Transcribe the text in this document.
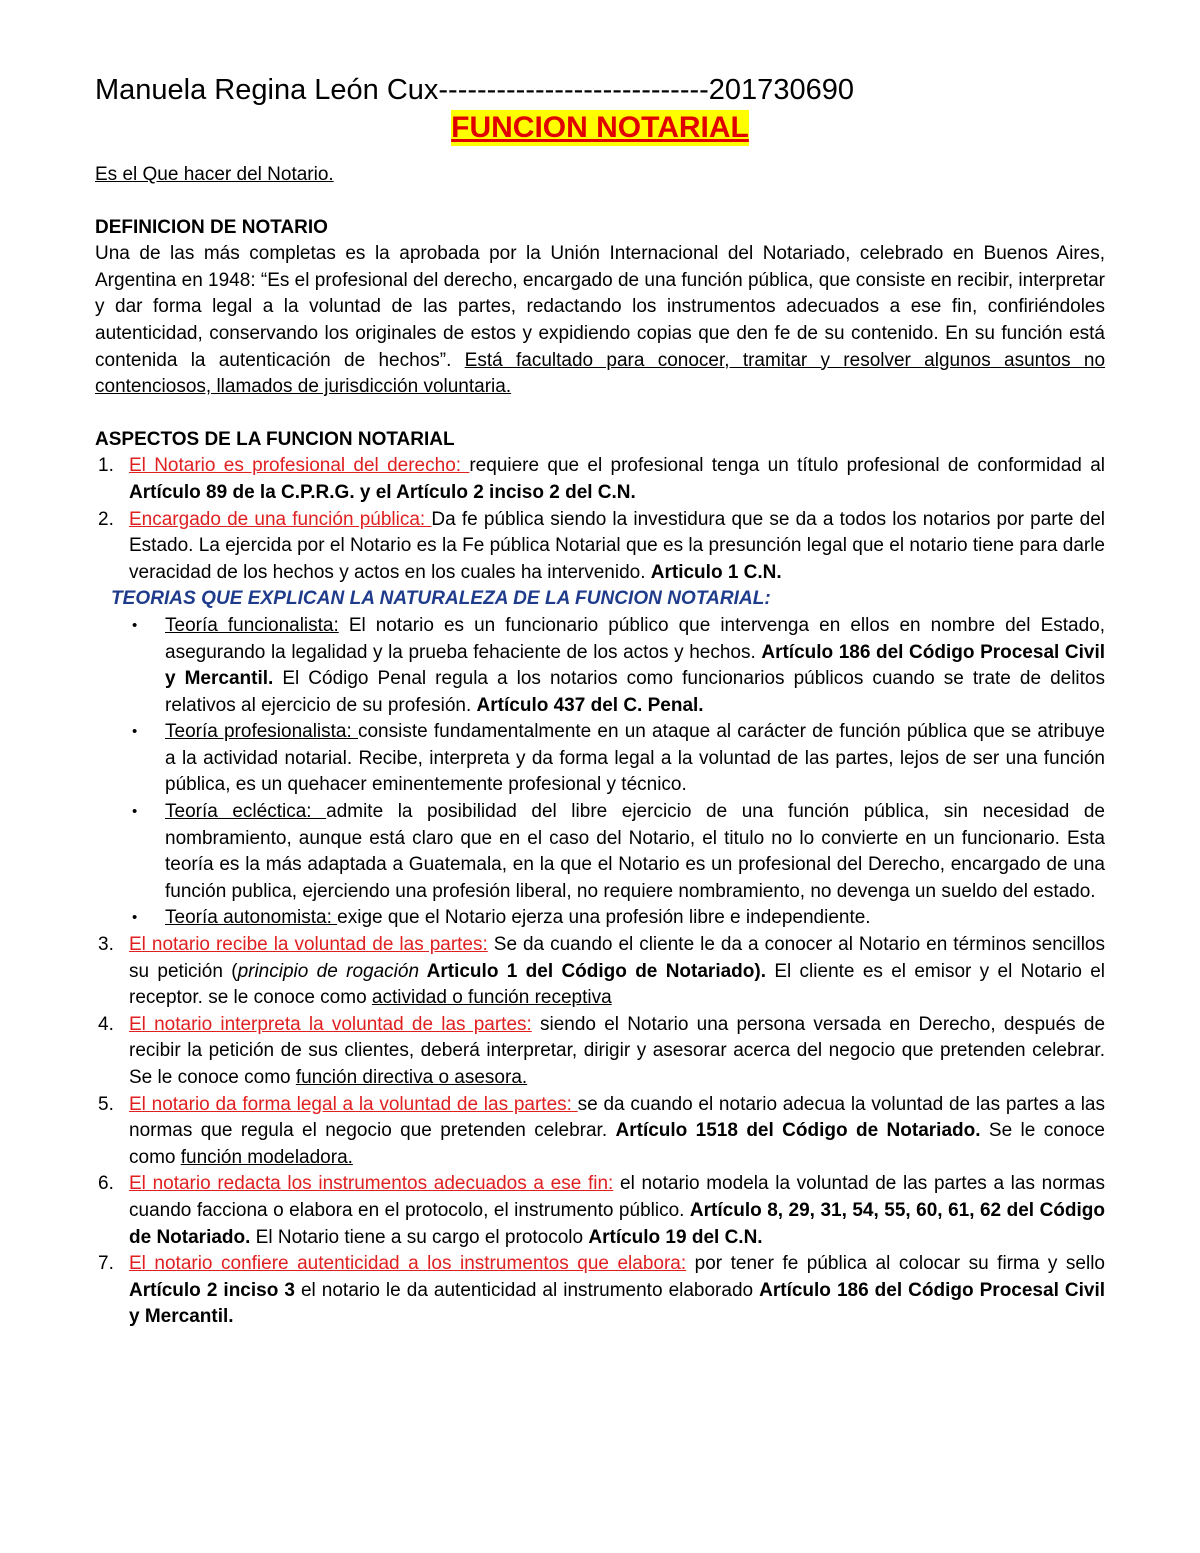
Manuela Regina León Cux----------------------------201730690

FUNCION NOTARIAL

Es el Que hacer del Notario.

DEFINICION DE NOTARIO

Una de las más completas es la aprobada por la Unión Internacional del Notariado, celebrado en Buenos Aires, Argentina en 1948: “Es el profesional del derecho, encargado de una función pública, que consiste en recibir, interpretar y dar forma legal a la voluntad de las partes, redactando los instrumentos adecuados a ese fin, confiriéndoles autenticidad, conservando los originales de estos y expidiendo copias que den fe de su contenido. En su función está contenida la autenticación de hechos”. Está facultado para conocer, tramitar y resolver algunos asuntos no contenciosos, llamados de jurisdicción voluntaria.

ASPECTOS DE LA FUNCION NOTARIAL

1. El Notario es profesional del derecho: requiere que el profesional tenga un título profesional de conformidad al Artículo 89 de la C.P.R.G. y el Artículo 2 inciso 2 del C.N.
2. Encargado de una función pública: Da fe pública siendo la investidura que se da a todos los notarios por parte del Estado. La ejercida por el Notario es la Fe pública Notarial que es la presunción legal que el notario tiene para darle veracidad de los hechos y actos en los cuales ha intervenido. Articulo 1 C.N.

TEORIAS QUE EXPLICAN LA NATURALEZA DE LA FUNCION NOTARIAL:

• Teoría funcionalista: El notario es un funcionario público que intervenga en ellos en nombre del Estado, asegurando la legalidad y la prueba fehaciente de los actos y hechos. Artículo 186 del Código Procesal Civil y Mercantil. El Código Penal regula a los notarios como funcionarios públicos cuando se trate de delitos relativos al ejercicio de su profesión. Artículo 437 del C. Penal.
• Teoría profesionalista: consiste fundamentalmente en un ataque al carácter de función pública que se atribuye a la actividad notarial. Recibe, interpreta y da forma legal a la voluntad de las partes, lejos de ser una función pública, es un quehacer eminentemente profesional y técnico.
• Teoría ecléctica: admite la posibilidad del libre ejercicio de una función pública, sin necesidad de nombramiento, aunque está claro que en el caso del Notario, el titulo no lo convierte en un funcionario. Esta teoría es la más adaptada a Guatemala, en la que el Notario es un profesional del Derecho, encargado de una función publica, ejerciendo una profesión liberal, no requiere nombramiento, no devenga un sueldo del estado.
• Teoría autonomista: exige que el Notario ejerza una profesión libre e independiente.
3. El notario recibe la voluntad de las partes: Se da cuando el cliente le da a conocer al Notario en términos sencillos su petición (principio de rogación Articulo 1 del Código de Notariado). El cliente es el emisor y el Notario el receptor. se le conoce como actividad o función receptiva
4. El notario interpreta la voluntad de las partes: siendo el Notario una persona versada en Derecho, después de recibir la petición de sus clientes, deberá interpretar, dirigir y asesorar acerca del negocio que pretenden celebrar. Se le conoce como función directiva o asesora.
5. El notario da forma legal a la voluntad de las partes: se da cuando el notario adecua la voluntad de las partes a las normas que regula el negocio que pretenden celebrar. Artículo 1518 del Código de Notariado. Se le conoce como función modeladora.
6. El notario redacta los instrumentos adecuados a ese fin: el notario modela la voluntad de las partes a las normas cuando facciona o elabora en el protocolo, el instrumento público. Artículo 8, 29, 31, 54, 55, 60, 61, 62 del Código de Notariado. El Notario tiene a su cargo el protocolo Artículo 19 del C.N.
7. El notario confiere autenticidad a los instrumentos que elabora: por tener fe pública al colocar su firma y sello Artículo 2 inciso 3 el notario le da autenticidad al instrumento elaborado Artículo 186 del Código Procesal Civil y Mercantil.
